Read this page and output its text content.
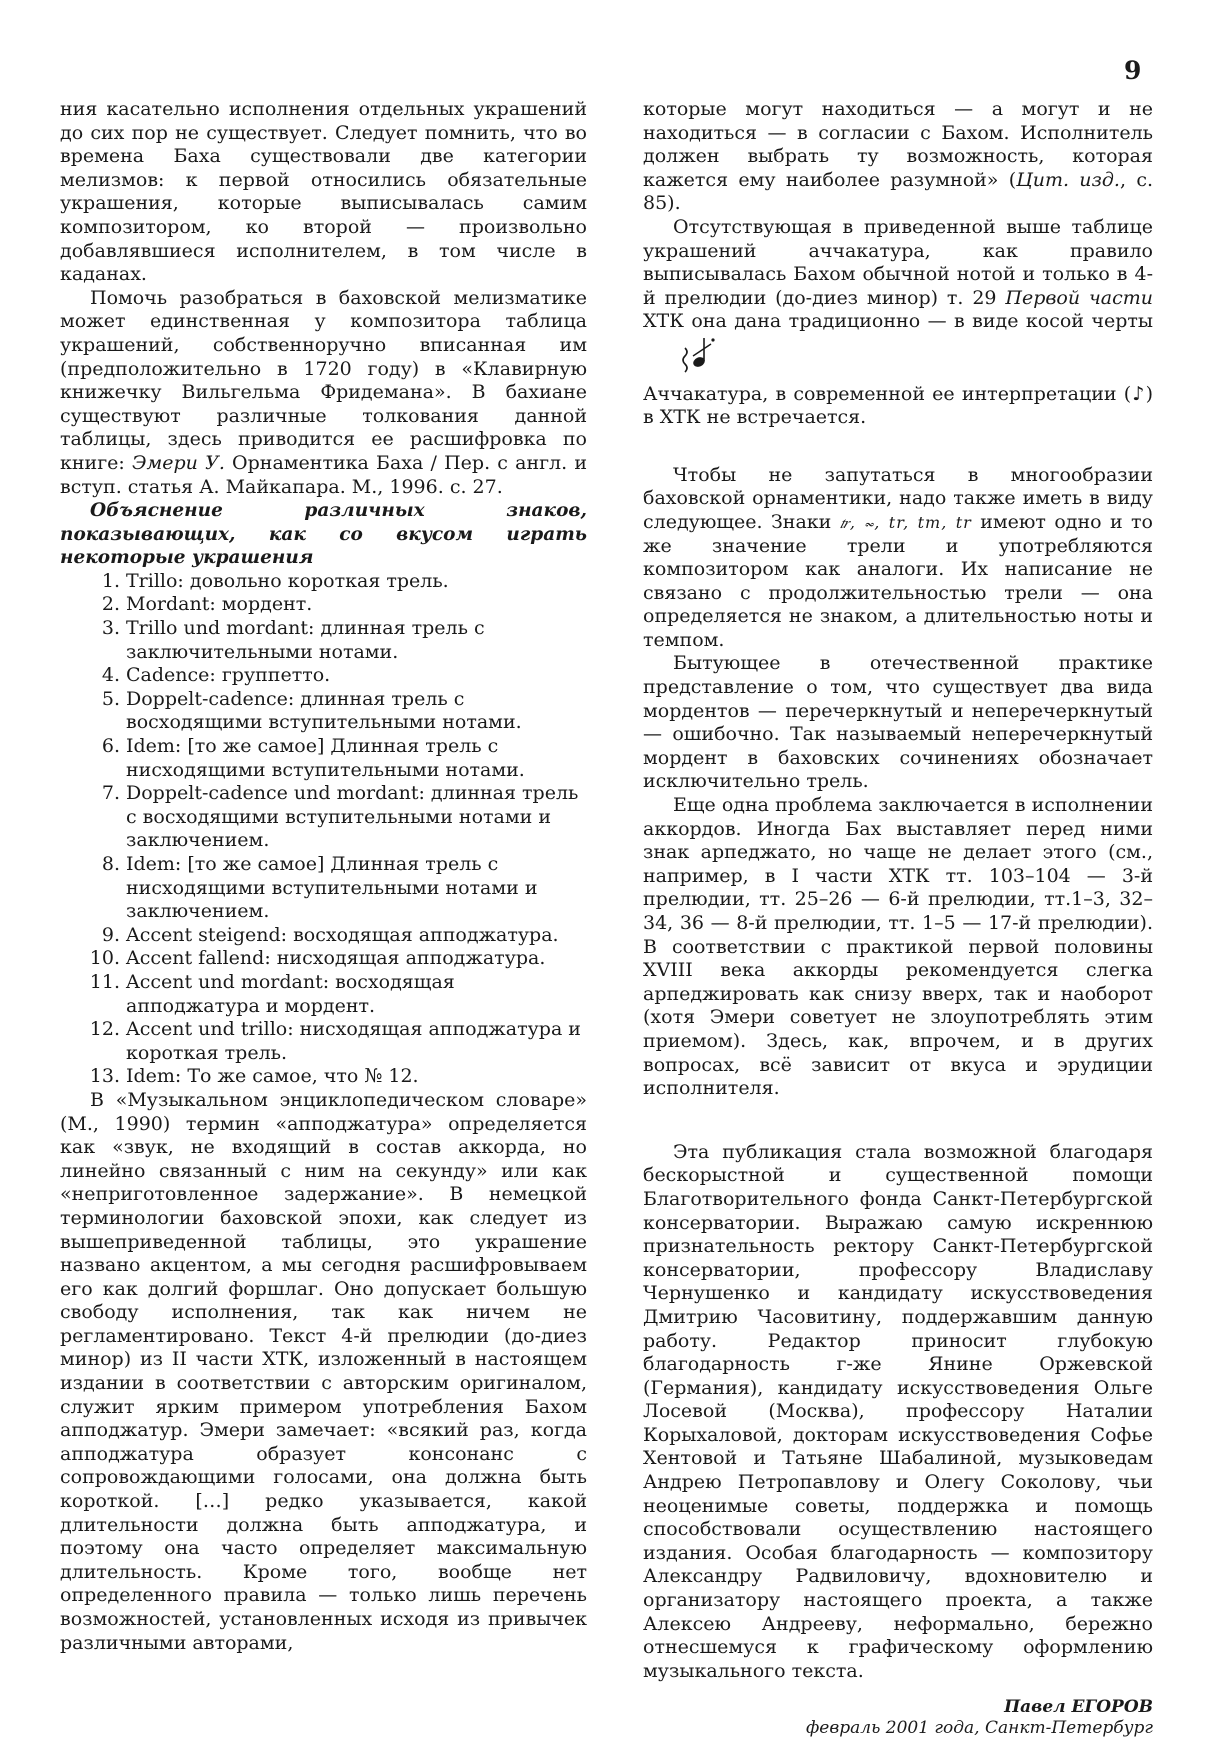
9

ния касательно исполнения отдельных украшений до сих пор не существует. Следует помнить, что во времена Баха существовали две категории мелизмов: к первой относились обязательные украшения, которые выписывалась самим композитором, ко второй — произвольно добавлявшиеся исполнителем, в том числе в каданах.

Помочь разобраться в баховской мелизматике может единственная у композитора таблица украшений, собственноручно вписанная им (предположительно в 1720 году) в «Клавирную книжечку Вильгельма Фридемана». В бахиане существуют различные толкования данной таблицы, здесь приводится ее расшифровка по книге: Эмери У. Орнаментика Баха / Пер. с англ. и вступ. статья А. Майкапара. М., 1996. с. 27.

Объяснение различных знаков, показывающих, как со вкусом играть некоторые украшения

1. Trillo: довольно короткая трель.
2. Mordant: мордент.
3. Trillo und mordant: длинная трель с заключительными нотами.
4. Cadence: группетто.
5. Doppelt-cadence: длинная трель с восходящими вступительными нотами.
6. Idem: [то же самое] Длинная трель с нисходящими вступительными нотами.
7. Doppelt-cadence und mordant: длинная трель с восходящими вступительными нотами и заключением.
8. Idem: [то же самое] Длинная трель с нисходящими вступительными нотами и заключением.
9. Accent steigend: восходящая апподжатура.
10. Accent fallend: нисходящая апподжатура.
11. Accent und mordant: восходящая апподжатура и мордент.
12. Accent und trillo: нисходящая апподжатура и короткая трель.
13. Idem: То же самое, что № 12.

В «Музыкальном энциклопедическом словаре» (М., 1990) термин «апподжатура» определяется как «звук, не входящий в состав аккорда, но линейно связанный с ним на секунду» или как «неприготовленное задержание». В немецкой терминологии баховской эпохи, как следует из вышеприведенной таблицы, это украшение названо акцентом, а мы сегодня расшифровываем его как долгий форшлаг. Оно допускает большую свободу исполнения, так как ничем не регламентировано. Текст 4-й прелюдии (до-диез минор) из II части ХТК, изложенный в настоящем издании в соответствии с авторским оригиналом, служит ярким примером употребления Бахом апподжатур. Эмери замечает: «всякий раз, когда апподжатура образует консонанс с сопровождающими голосами, она должна быть короткой. […] редко указывается, какой длительности должна быть апподжатура, и поэтому она часто определяет максимальную длительность. Кроме того, вообще нет определенного правила — только лишь перечень возможностей, установленных исходя из привычек различными авторами,

которые могут находиться — а могут и не находиться — в согласии с Бахом. Исполнитель должен выбрать ту возможность, которая кажется ему наиболее разумной» (Цит. изд., с. 85).

Отсутствующая в приведенной выше таблице украшений аччакатура, как правило выписывалась Бахом обычной нотой и только в 4-й прелюдии (до-диез минор) т. 29 Первой части ХТК она дана традиционно — в виде косой черты

Аччакатура, в современной ее интерпретации (♪) в ХТК не встречается.

Чтобы не запутаться в многообразии баховской орнаментики, надо также иметь в виду следующее. Знаки 𝆖, 𝆗, tr, tm, tr имеют одно и то же значение трели и употребляются композитором как аналоги. Их написание не связано с продолжительностью трели — она определяется не знаком, а длительностью ноты и темпом.

Бытующее в отечественной практике представление о том, что существует два вида мордентов — перечеркнутый и неперечеркнутый — ошибочно. Так называемый неперечеркнутый мордент в баховских сочинениях обозначает исключительно трель.

Еще одна проблема заключается в исполнении аккордов. Иногда Бах выставляет перед ними знак арпеджато, но чаще не делает этого (см., например, в I части ХТК тт. 103–104 — 3-й прелюдии, тт. 25–26 — 6-й прелюдии, тт.1–3, 32–34, 36 — 8-й прелюдии, тт. 1–5 — 17-й прелюдии). В соответствии с практикой первой половины XVIII века аккорды рекомендуется слегка арпеджировать как снизу вверх, так и наоборот (хотя Эмери советует не злоупотреблять этим приемом). Здесь, как, впрочем, и в других вопросах, всё зависит от вкуса и эрудиции исполнителя.

Эта публикация стала возможной благодаря бескорыстной и существенной помощи Благотворительного фонда Санкт-Петербургской консерватории. Выражаю самую искреннюю признательность ректору Санкт-Петербургской консерватории, профессору Владиславу Чернушенко и кандидату искусствоведения Дмитрию Часовитину, поддержавшим данную работу. Редактор приносит глубокую благодарность г-же Янине Оржевской (Германия), кандидату искусствоведения Ольге Лосевой (Москва), профессору Наталии Корыхаловой, докторам искусствоведения Софье Хентовой и Татьяне Шабалиной, музыковедам Андрею Петропавлову и Олегу Соколову, чьи неоценимые советы, поддержка и помощь способствовали осуществлению настоящего издания. Особая благодарность — композитору Александру Радвиловичу, вдохновителю и организатору настоящего проекта, а также Алексею Андрееву, неформально, бережно отнесшемуся к графическому оформлению музыкального текста.

Павел ЕГОРОВ
февраль 2001 года, Санкт-Петербург
